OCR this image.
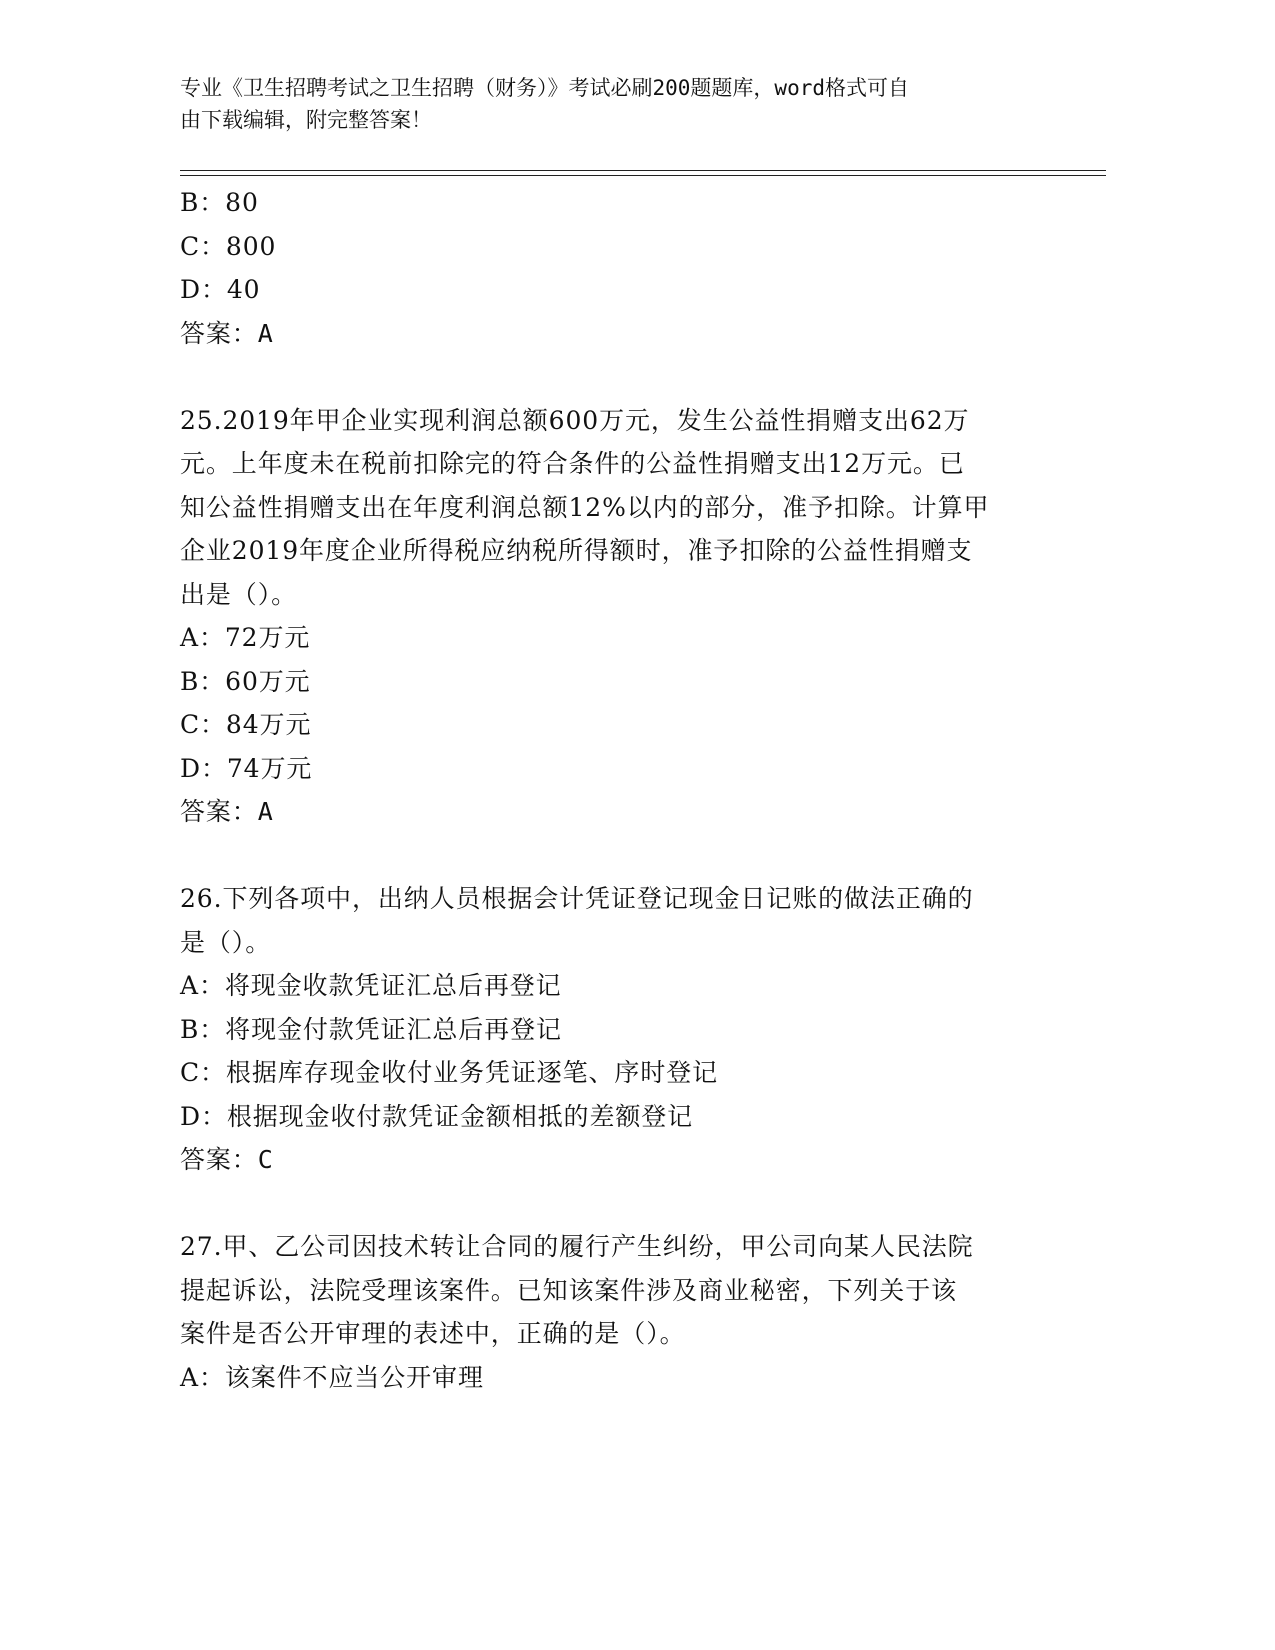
专业《卫生招聘考试之卫生招聘（财务）》考试必刷200题题库，word格式可自
由下载编辑，附完整答案！
B：80
C：800
D：40
答案：A
25.2019年甲企业实现利润总额600万元，发生公益性捐赠支出62万
元。上年度未在税前扣除完的符合条件的公益性捐赠支出12万元。已
知公益性捐赠支出在年度利润总额12%以内的部分，准予扣除。计算甲
企业2019年度企业所得税应纳税所得额时，准予扣除的公益性捐赠支
出是（）。
A：72万元
B：60万元
C：84万元
D：74万元
答案：A
26.下列各项中，出纳人员根据会计凭证登记现金日记账的做法正确的
是（）。
A：将现金收款凭证汇总后再登记
B：将现金付款凭证汇总后再登记
C：根据库存现金收付业务凭证逐笔、序时登记
D：根据现金收付款凭证金额相抵的差额登记
答案：C
27.甲、乙公司因技术转让合同的履行产生纠纷，甲公司向某人民法院
提起诉讼，法院受理该案件。已知该案件涉及商业秘密，下列关于该
案件是否公开审理的表述中，正确的是（）。
A：该案件不应当公开审理
